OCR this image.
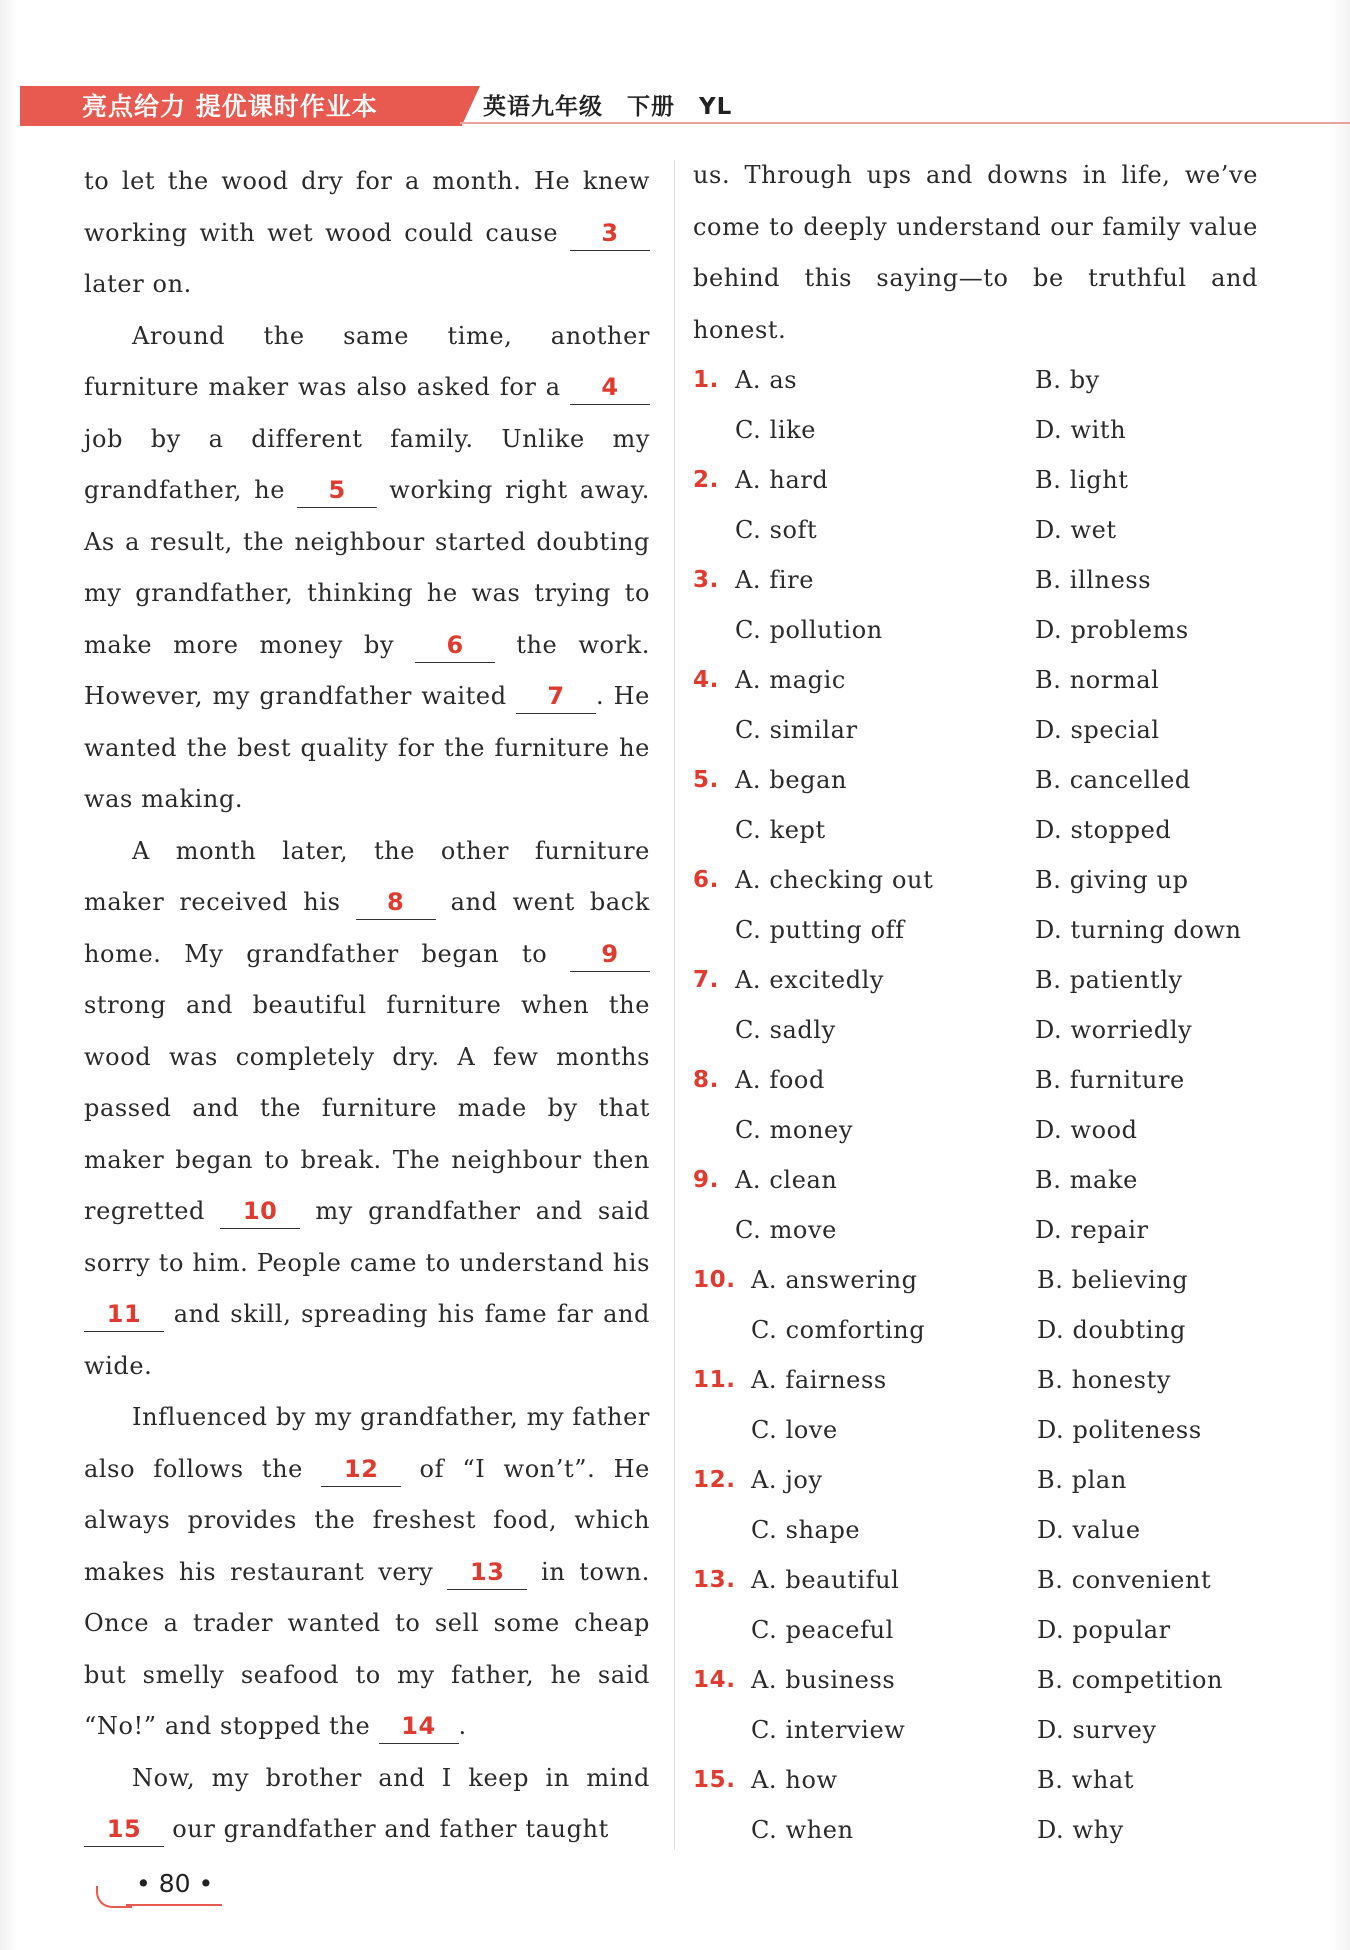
亮点给力 提优课时作业本	英语九年级　下册　YL

to let the wood dry for a month. He knew working with wet wood could cause 3 later on.

Around the same time, another furniture maker was also asked for a 4 job by a different family. Unlike my grandfather, he 5 working right away. As a result, the neighbour started doubting my grandfather, thinking he was trying to make more money by 6 the work. However, my grandfather waited 7 . He wanted the best quality for the furniture he was making.

A month later, the other furniture maker received his 8 and went back home. My grandfather began to 9 strong and beautiful furniture when the wood was completely dry. A few months passed and the furniture made by that maker began to break. The neighbour then regretted 10 my grandfather and said sorry to him. People came to understand his 11 and skill, spreading his fame far and wide.

Influenced by my grandfather, my father also follows the 12 of “I won’t”. He always provides the freshest food, which makes his restaurant very 13 in town. Once a trader wanted to sell some cheap but smelly seafood to my father, he said “No!” and stopped the 14 .

Now, my brother and I keep in mind 15 our grandfather and father taught

us. Through ups and downs in life, we’ve come to deeply understand our family value behind this saying—to be truthful and honest.
1. A. as	B. by
C. like	D. with
2. A. hard	B. light
C. soft	D. wet
3. A. fire	B. illness
C. pollution	D. problems
4. A. magic	B. normal
C. similar	D. special
5. A. began	B. cancelled
C. kept	D. stopped
6. A. checking out	B. giving up
C. putting off	D. turning down
7. A. excitedly	B. patiently
C. sadly	D. worriedly
8. A. food	B. furniture
C. money	D. wood
9. A. clean	B. make
C. move	D. repair
10. A. answering	B. believing
C. comforting	D. doubting
11. A. fairness	B. honesty
C. love	D. politeness
12. A. joy	B. plan
C. shape	D. value
13. A. beautiful	B. convenient
C. peaceful	D. popular
14. A. business	B. competition
C. interview	D. survey
15. A. how	B. what
C. when	D. why
• 80 •
